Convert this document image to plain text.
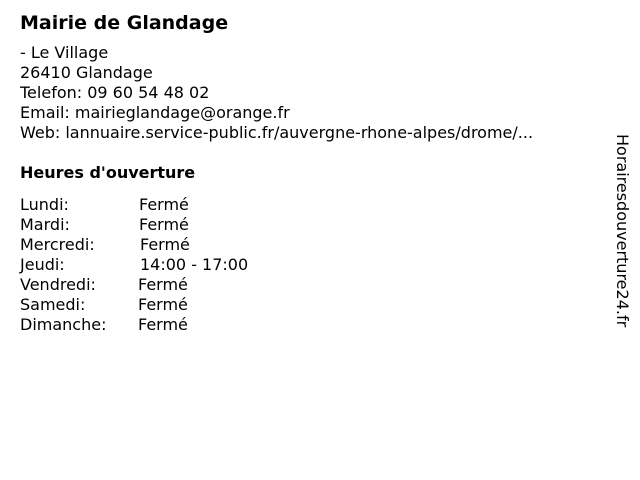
Mairie de Glandage
- Le Village
26410 Glandage
Telefon: 09 60 54 48 02
Email: mairieglandage@orange.fr
Web: lannuaire.service-public.fr/auvergne-rhone-alpes/drome/...
Heures d'ouverture
Lundi:	Fermé
Mardi:	Fermé
Mercredi:	Fermé
Jeudi:	14:00 - 17:00
Vendredi:	Fermé
Samedi:	Fermé
Dimanche: Fermé	Horairesdouverture24.fr
